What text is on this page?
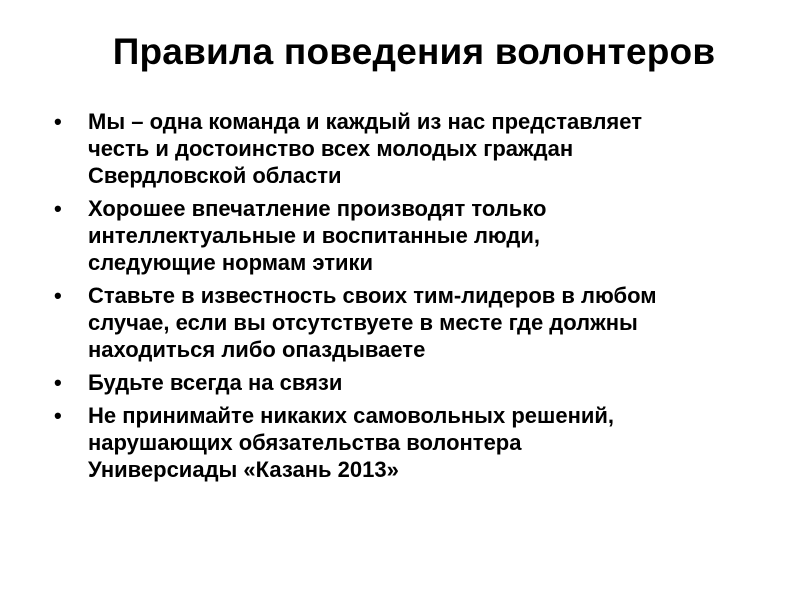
Правила поведения волонтеров
•	Мы – одна команда и каждый из нас представляет
честь и достоинство всех молодых граждан
Свердловской области
•	Хорошее впечатление производят только
интеллектуальные и воспитанные люди,
следующие нормам этики
•	Ставьте в известность своих тим-лидеров в любом
случае, если вы отсутствуете в месте где должны
находиться либо опаздываете
•	Будьте всегда на связи
•	Не принимайте никаких самовольных решений,
нарушающих обязательства волонтера
Универсиады «Казань 2013»
